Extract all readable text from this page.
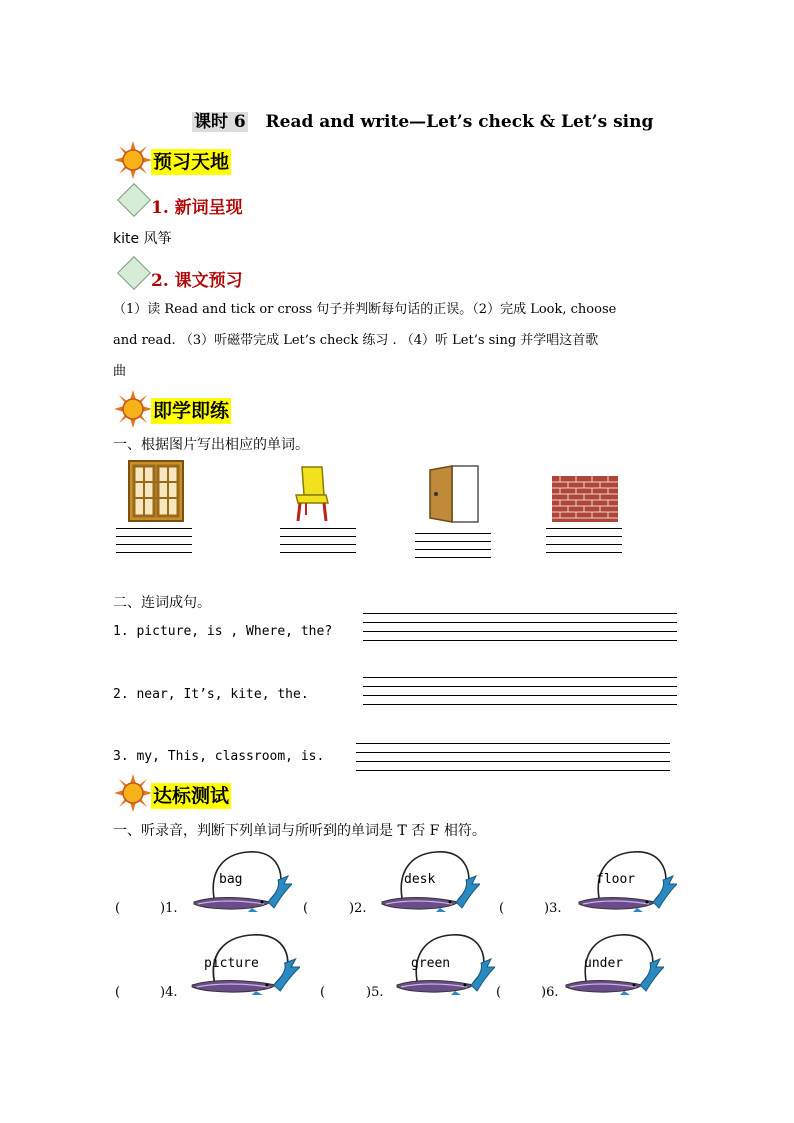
课时 6 Read and write—Let’s check & Let’s sing
预习天地
1. 新词呈现
kite 风筝
2. 课文预习
（1）读 Read and tick or cross 句子并判断每句话的正误。（2）完成 Look, choose
and read. （3）听磁带完成 Let’s check 练习 . （4）听 Let’s sing 并学唱这首歌
曲
即学即练
一、根据图片写出相应的单词。
二、连词成句。
1. picture, is , Where, the?
2. near, It’s, kite, the.
3. my, This, classroom, is.
达标测试
一、听录音，判断下列单词与所听到的单词是 T 否 F 相符。
(	)1.
bag
(	)2.
desk
(	)3.
floor
(	)4.
picture
(	)5.
green
(	)6.
under
